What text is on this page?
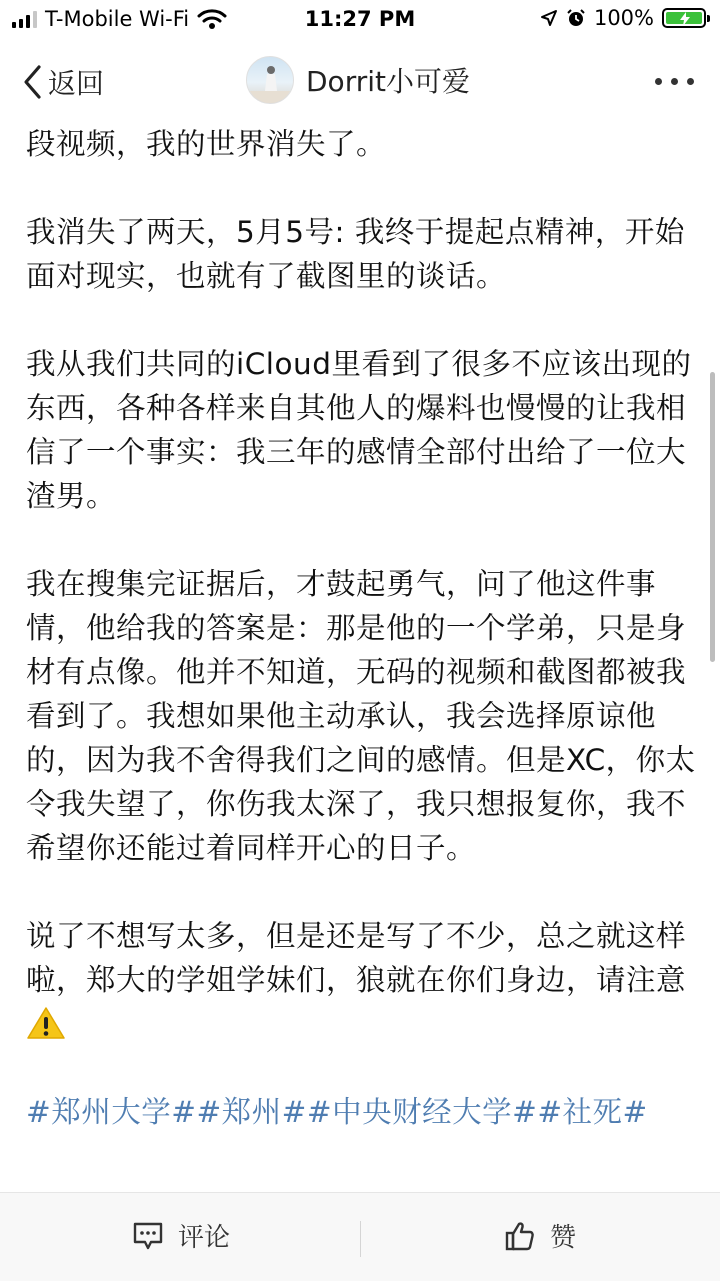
T-Mobile Wi-Fi	11:27 PM	100%
返回	Dorrit小可爱

段视频，我的世界消失了。

我消失了两天，5月5号: 我终于提起点精神，开始面对现实，也就有了截图里的谈话。

我从我们共同的iCloud里看到了很多不应该出现的东西，各种各样来自其他人的爆料也慢慢的让我相信了一个事实：我三年的感情全部付出给了一位大渣男。

我在搜集完证据后，才鼓起勇气，问了他这件事情，他给我的答案是：那是他的一个学弟，只是身材有点像。他并不知道，无码的视频和截图都被我看到了。我想如果他主动承认，我会选择原谅他的，因为我不舍得我们之间的感情。但是XC，你太令我失望了，你伤我太深了，我只想报复你，我不希望你还能过着同样开心的日子。

说了不想写太多，但是还是写了不少，总之就这样啦，郑大的学姐学妹们，狼就在你们身边，请注意

#郑州大学##郑州##中央财经大学##社死#

评论	赞
